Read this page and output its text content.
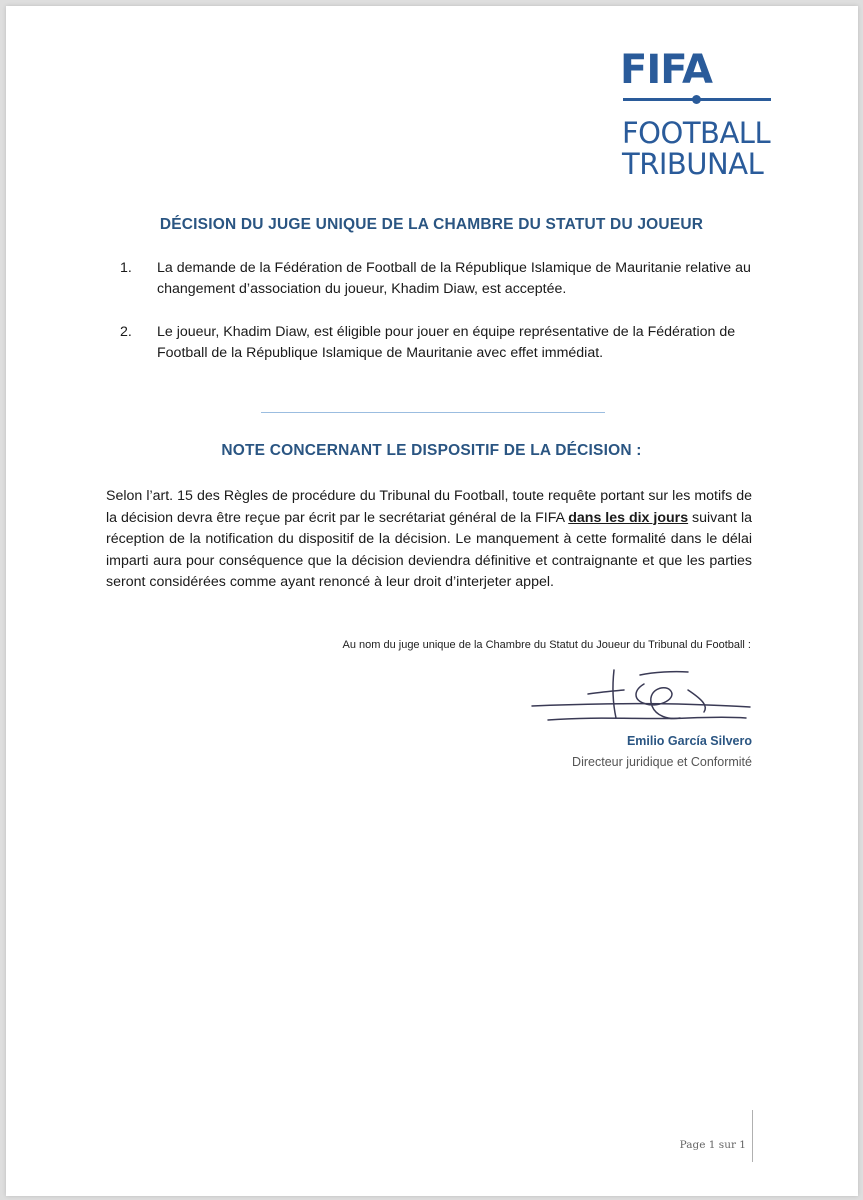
FIFA
FOOTBALL
TRIBUNAL
DÉCISION DU JUGE UNIQUE DE LA CHAMBRE DU STATUT DU JOUEUR
1. La demande de la Fédération de Football de la République Islamique de Mauritanie relative au changement d’association du joueur, Khadim Diaw, est acceptée.
2. Le joueur, Khadim Diaw, est éligible pour jouer en équipe représentative de la Fédération de Football de la République Islamique de Mauritanie avec effet immédiat.
NOTE CONCERNANT LE DISPOSITIF DE LA DÉCISION :
Selon l’art. 15 des Règles de procédure du Tribunal du Football, toute requête portant sur les motifs de la décision devra être reçue par écrit par le secrétariat général de la FIFA dans les dix jours suivant la réception de la notification du dispositif de la décision. Le manquement à cette formalité dans le délai imparti aura pour conséquence que la décision deviendra définitive et contraignante et que les parties seront considérées comme ayant renoncé à leur droit d’interjeter appel.
Au nom du juge unique de la Chambre du Statut du Joueur du Tribunal du Football :
Emilio García Silvero
Directeur juridique et Conformité
Page 1 sur 1
